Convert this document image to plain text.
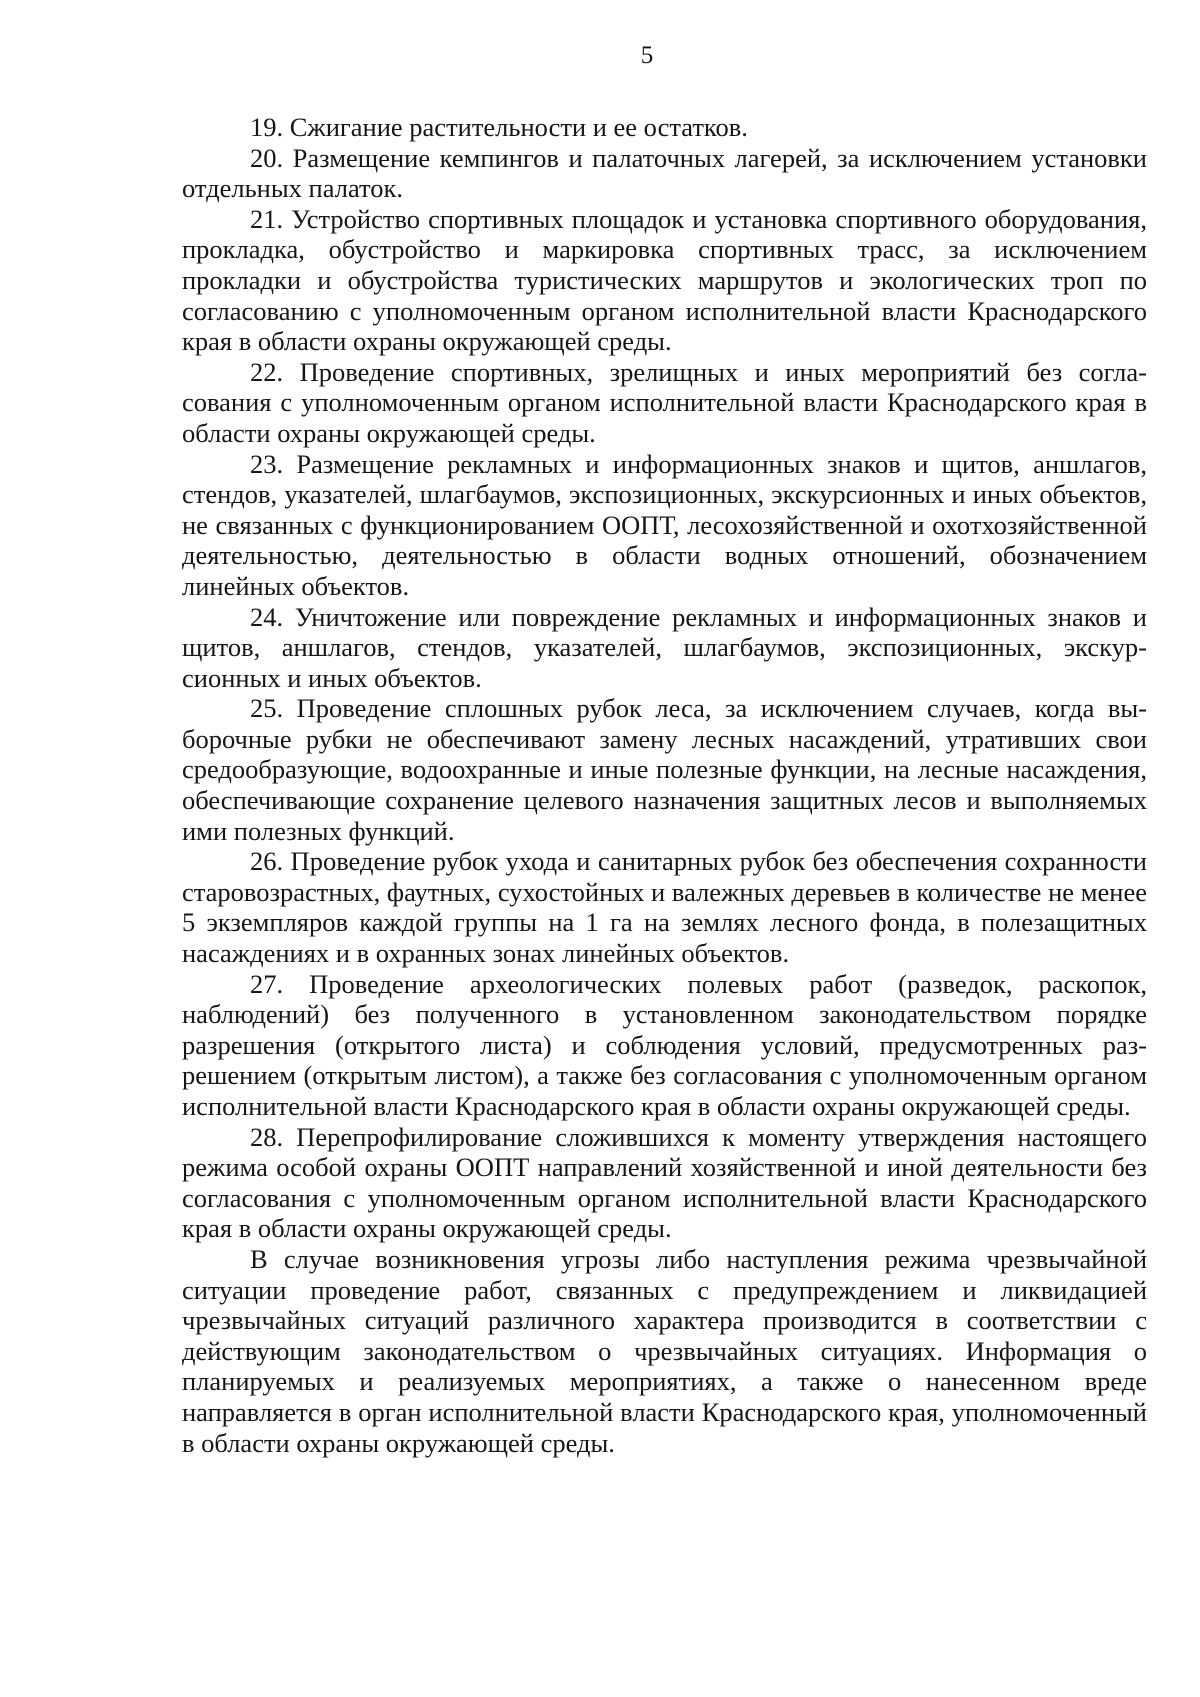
5

19. Сжигание растительности и ее остатков.

20. Размещение кемпингов и палаточных лагерей, за исключением установки отдельных палаток.

21. Устройство спортивных площадок и установка спортивного оборудования, прокладка, обустройство и маркировка спортивных трасс, за исключением прокладки и обустройства туристических маршрутов и экологических троп по согласованию с уполномоченным органом исполнительной власти Краснодарского края в области охраны окружающей среды.

22. Проведение спортивных, зрелищных и иных мероприятий без согласования с уполномоченным органом исполнительной власти Краснодарского края в области охраны окружающей среды.

23. Размещение рекламных и информационных знаков и щитов, аншлагов, стендов, указателей, шлагбаумов, экспозиционных, экскурсионных и иных объектов, не связанных с функционированием ООПТ, лесохозяйственной и охотхозяйственной деятельностью, деятельностью в области водных отношений, обозначением линейных объектов.

24. Уничтожение или повреждение рекламных и информационных знаков и щитов, аншлагов, стендов, указателей, шлагбаумов, экспозиционных, экскурсионных и иных объектов.

25. Проведение сплошных рубок леса, за исключением случаев, когда выборочные рубки не обеспечивают замену лесных насаждений, утративших свои средообразующие, водоохранные и иные полезные функции, на лесные насаждения, обеспечивающие сохранение целевого назначения защитных лесов и выполняемых ими полезных функций.

26. Проведение рубок ухода и санитарных рубок без обеспечения сохранности старовозрастных, фаутных, сухостойных и валежных деревьев в количестве не менее 5 экземпляров каждой группы на 1 га на землях лесного фонда, в полезащитных насаждениях и в охранных зонах линейных объектов.

27. Проведение археологических полевых работ (разведок, раскопок, наблюдений) без полученного в установленном законодательством порядке разрешения (открытого листа) и соблюдения условий, предусмотренных разрешением (открытым листом), а также без согласования с уполномоченным органом исполнительной власти Краснодарского края в области охраны окружающей среды.

28. Перепрофилирование сложившихся к моменту утверждения настоящего режима особой охраны ООПТ направлений хозяйственной и иной деятельности без согласования с уполномоченным органом исполнительной власти Краснодарского края в области охраны окружающей среды.

В случае возникновения угрозы либо наступления режима чрезвычайной ситуации проведение работ, связанных с предупреждением и ликвидацией чрезвычайных ситуаций различного характера производится в соответствии с действующим законодательством о чрезвычайных ситуациях. Информация о планируемых и реализуемых мероприятиях, а также о нанесенном вреде направляется в орган исполнительной власти Краснодарского края, уполномоченный в области охраны окружающей среды.
